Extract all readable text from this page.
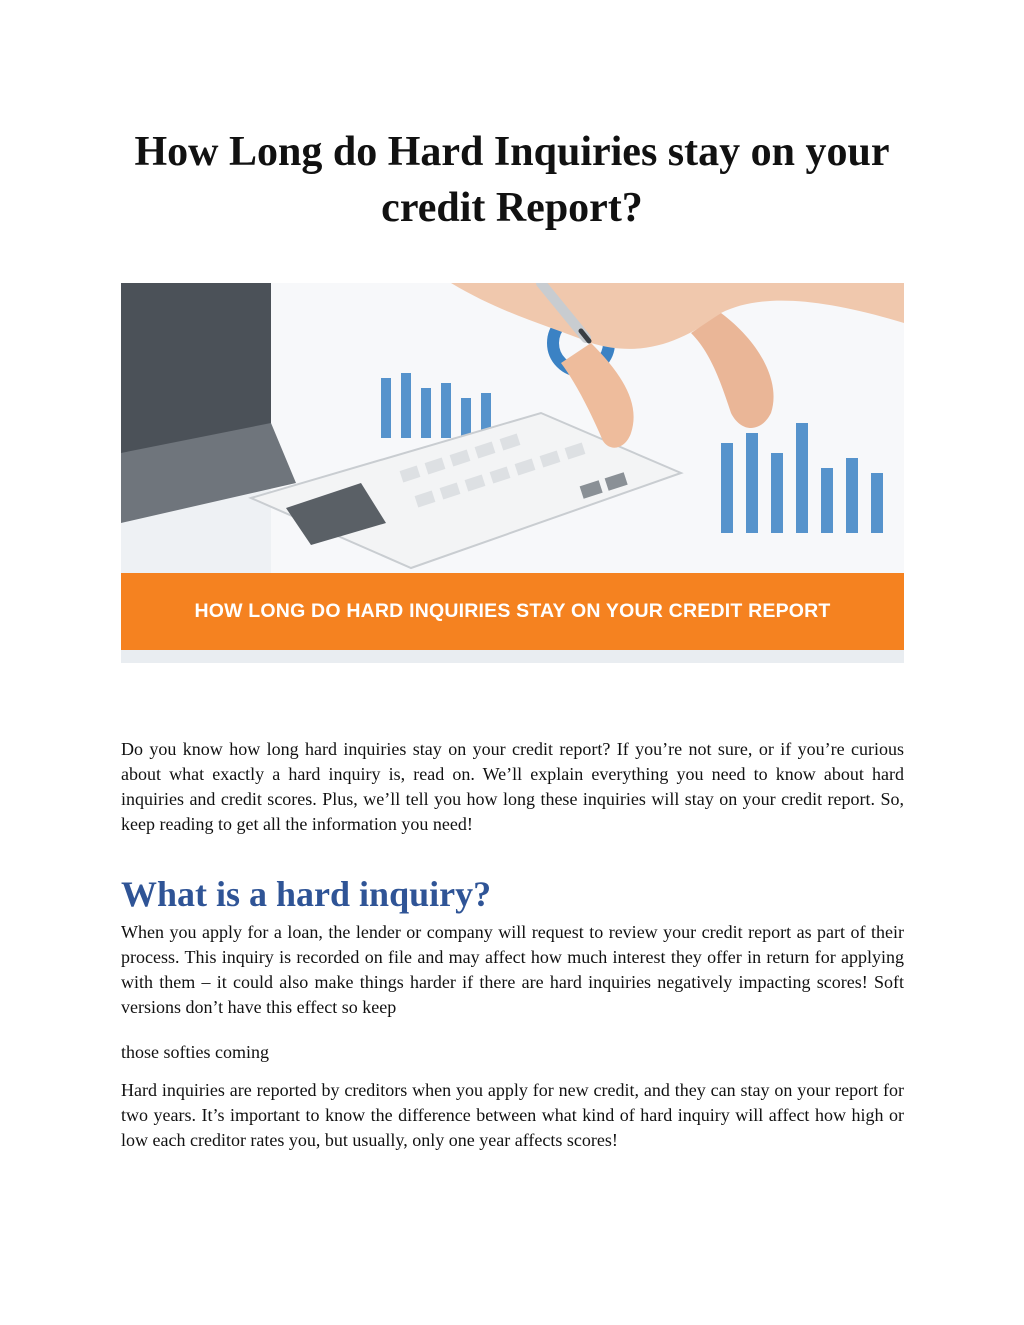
How Long do Hard Inquiries stay on your credit Report?
HOW LONG DO HARD INQUIRIES STAY ON YOUR CREDIT REPORT

Do you know how long hard inquiries stay on your credit report? If you’re not sure, or if you’re curious about what exactly a hard inquiry is, read on. We’ll explain everything you need to know about hard inquiries and credit scores. Plus, we’ll tell you how long these inquiries will stay on your credit report. So, keep reading to get all the information you need!

What is a hard inquiry?

When you apply for a loan, the lender or company will request to review your credit report as part of their process. This inquiry is recorded on file and may affect how much interest they offer in return for applying with them – it could also make things harder if there are hard inquiries negatively impacting scores! Soft versions don’t have this effect so keep

those softies coming

Hard inquiries are reported by creditors when you apply for new credit, and they can stay on your report for two years. It’s important to know the difference between what kind of hard inquiry will affect how high or low each creditor rates you, but usually, only one year affects scores!
